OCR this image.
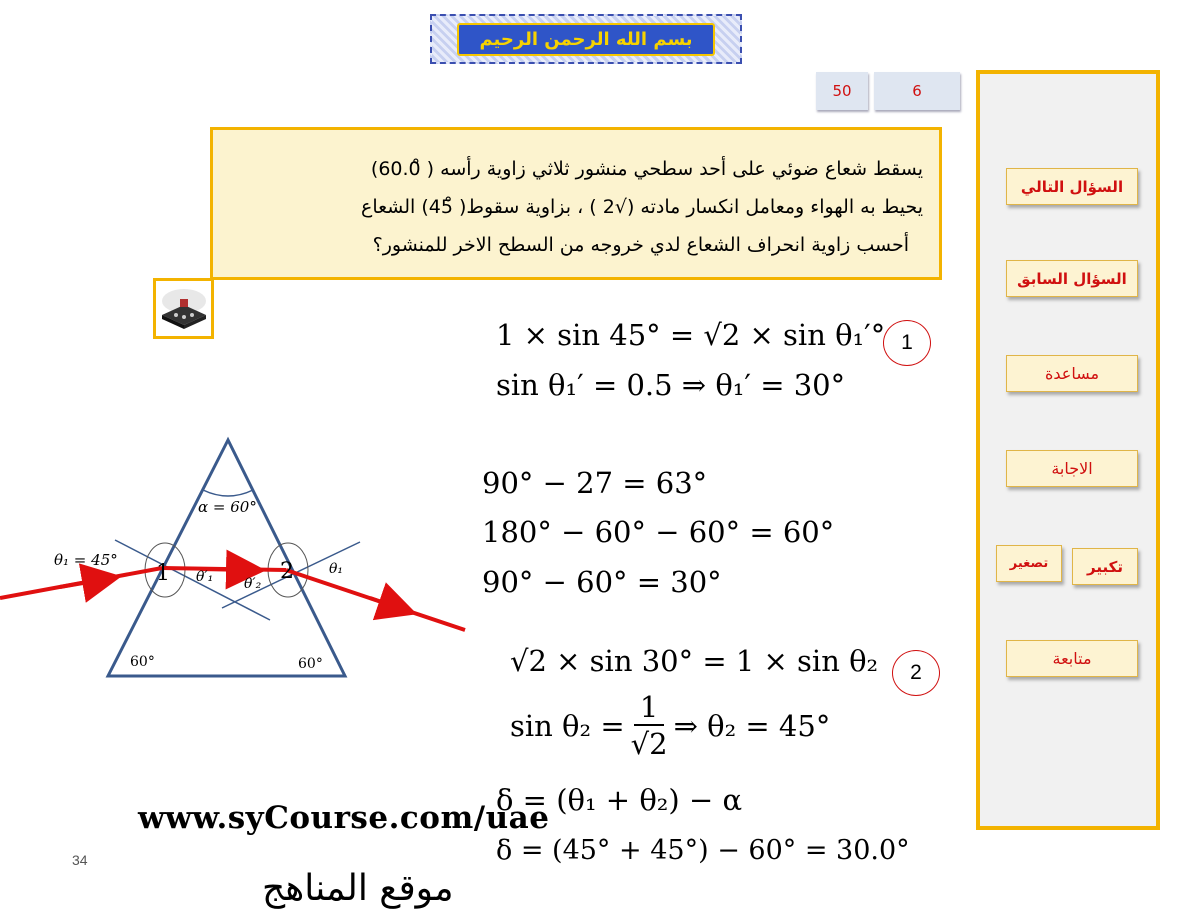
بسم الله الرحمن الرحيم
50	6
يسقط شعاع ضوئي على أحد سطحي منشور ثلاثي زاوية رأسه ( 60.0̊)
يحيط به الهواء ومعامل انكسار مادته (√2 ) ، بزاوية سقوط( 45̊) الشعاع
أحسب زاوية انحراف الشعاع لدي خروجه من السطح الاخر للمنشور؟
السؤال التالي
السؤال السابق
مساعدة
الاجابة
تصغير	تكبير
متابعة
α = 60°
60°	60°
θ₁ = 45°
1	2
θ′₁ θ′₂
θ₁
1 × sin 45° = √2 × sin θ₁′°
sin θ₁′ = 0.5 ⇒ θ₁′ = 30°
1
90° − 27 = 63°
180° − 60° − 60° = 60°
90° − 60° = 30°
√2 × sin 30° = 1 × sin θ₂	2
$\sin \theta_2 = \frac{1}{√2}$ ⇒ θ₂ = 45°
δ = (θ₁ + θ₂) − α
δ = (45° + 45°) − 60° = 30.0°
www.syCourse.com/uae
موقع المناهج
34
